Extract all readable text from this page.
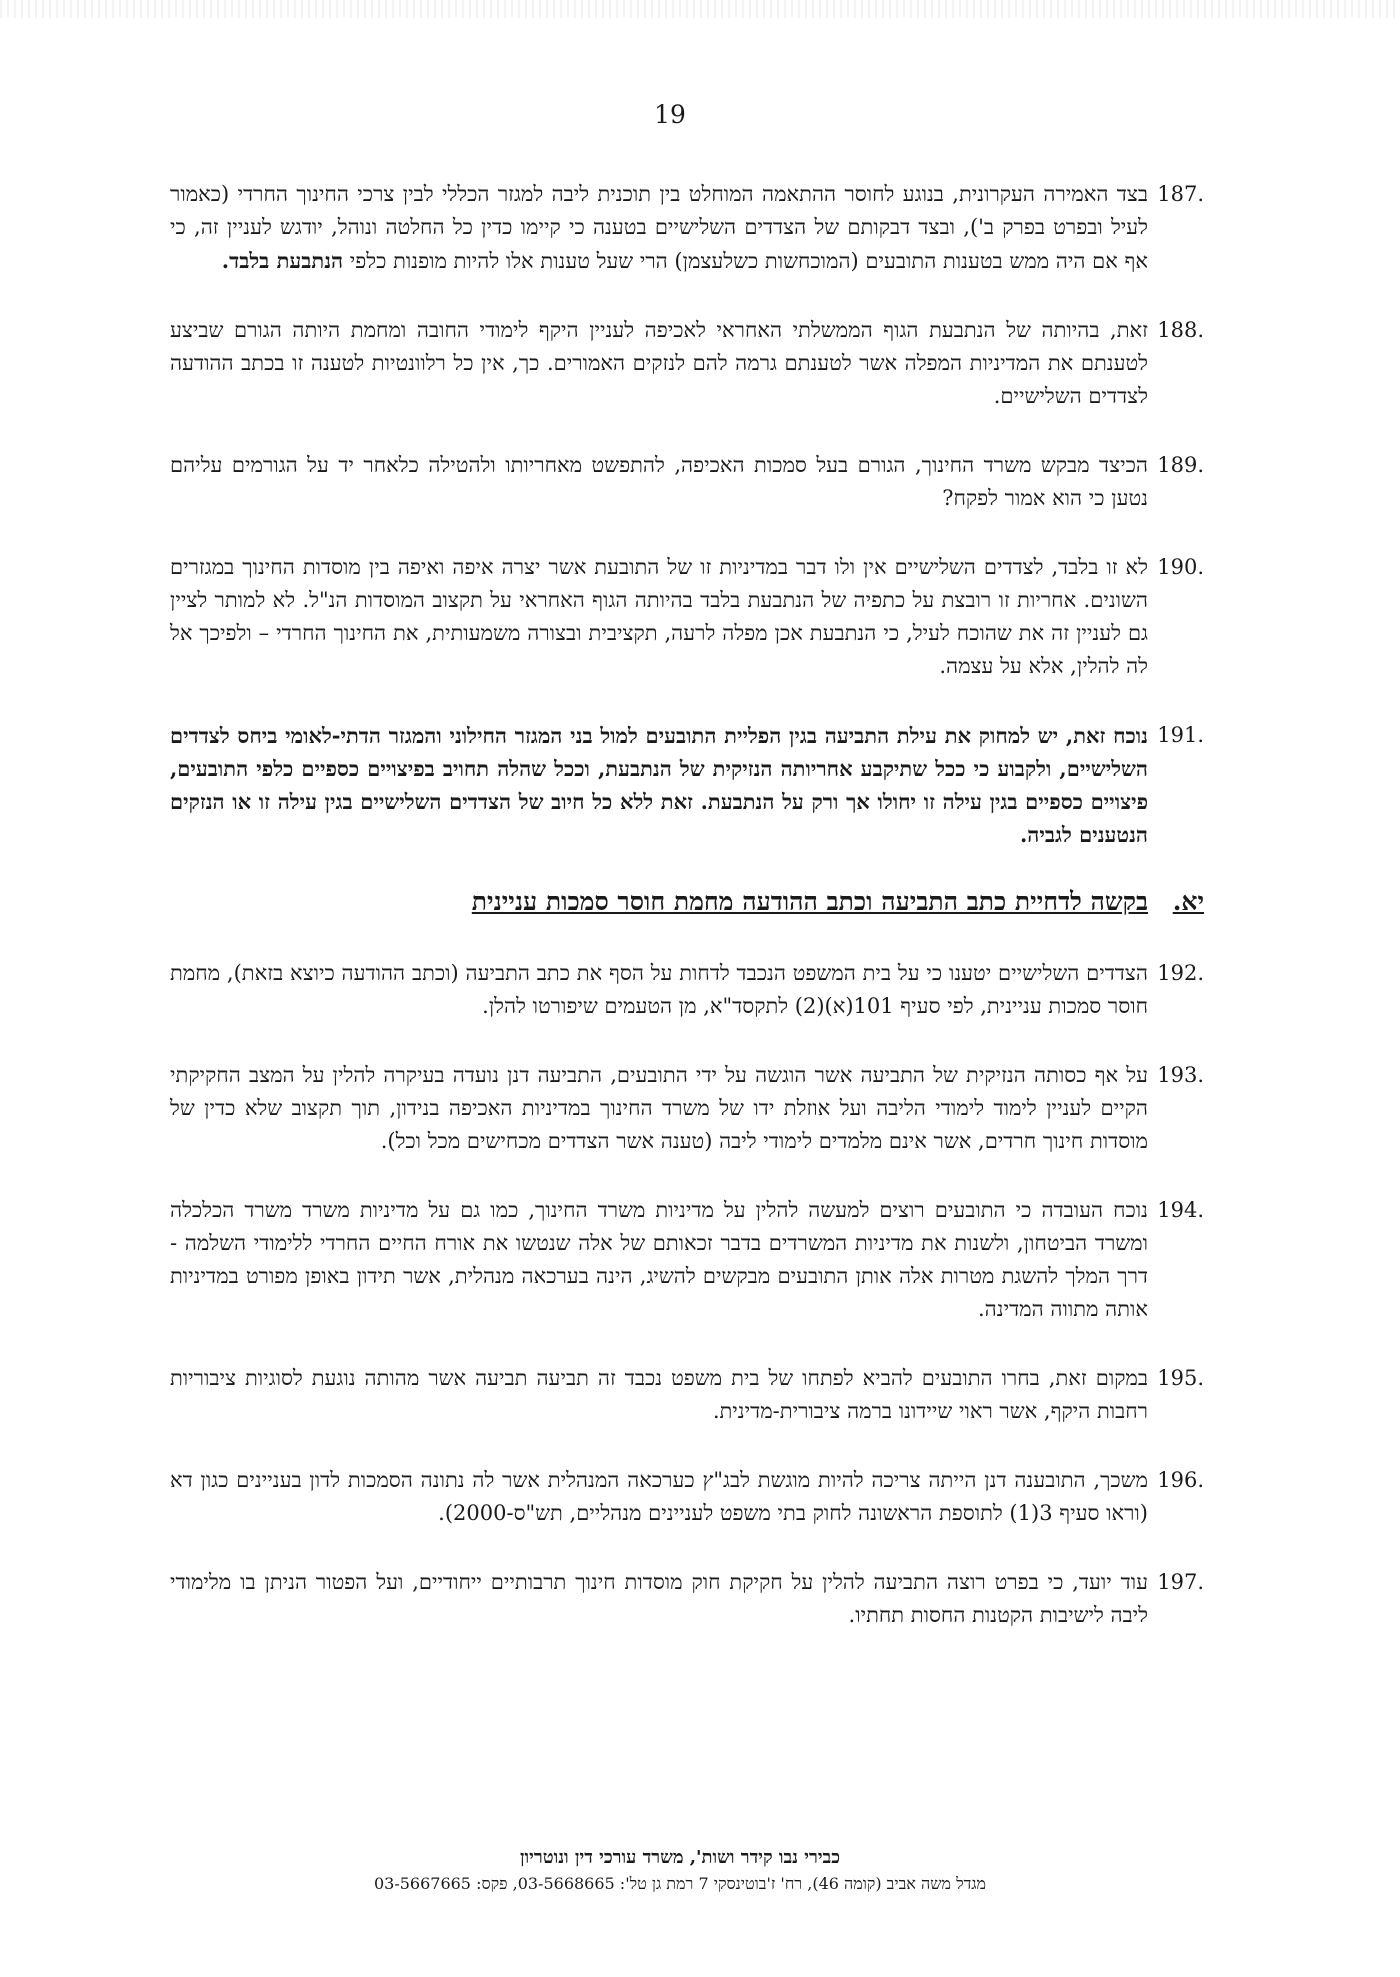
19
187.
בצד האמירה העקרונית, בנוגע לחוסר ההתאמה המוחלט בין תוכנית ליבה למגזר הכללי לבין צרכי החינוך החרדי (כאמור לעיל ובפרט בפרק ב'), ובצד דבקותם של הצדדים השלישיים בטענה כי קיימו כדין כל החלטה ונוהל, יודגש לעניין זה, כי אף אם היה ממש בטענות התובעים (המוכחשות כשלעצמן) הרי שעל טענות אלו להיות מופנות כלפי הנתבעת בלבד.
188.
זאת, בהיותה של הנתבעת הגוף הממשלתי האחראי לאכיפה לעניין היקף לימודי החובה ומחמת היותה הגורם שביצע לטענתם את המדיניות המפלה אשר לטענתם גרמה להם לנזקים האמורים. כך, אין כל רלוונטיות לטענה זו בכתב ההודעה לצדדים השלישיים.
189.
הכיצד מבקש משרד החינוך, הגורם בעל סמכות האכיפה, להתפשט מאחריותו ולהטילה כלאחר יד על הגורמים עליהם נטען כי הוא אמור לפקח?
190.
לא זו בלבד, לצדדים השלישיים אין ולו דבר במדיניות זו של התובעת אשר יצרה איפה ואיפה בין מוסדות החינוך במגזרים השונים. אחריות זו רובצת על כתפיה של הנתבעת בלבד בהיותה הגוף האחראי על תקצוב המוסדות הנ"ל. לא למותר לציין גם לעניין זה את שהוכח לעיל, כי הנתבעת אכן מפלה לרעה, תקציבית ובצורה משמעותית, את החינוך החרדי – ולפיכך אל לה להלין, אלא על עצמה.
191.
נוכח זאת, יש למחוק את עילת התביעה בגין הפליית התובעים למול בני המגזר החילוני והמגזר הדתי-לאומי ביחס לצדדים השלישיים, ולקבוע כי ככל שתיקבע אחריותה הנזיקית של הנתבעת, וככל שהלה תחויב בפיצויים כספיים כלפי התובעים, פיצויים כספיים בגין עילה זו יחולו אך ורק על הנתבעת. זאת ללא כל חיוב של הצדדים השלישיים בגין עילה זו או הנזקים הנטענים לגביה.
יא.
בקשה לדחיית כתב התביעה וכתב ההודעה מחמת חוסר סמכות עניינית
192.
הצדדים השלישיים יטענו כי על בית המשפט הנכבד לדחות על הסף את כתב התביעה (וכתב ההודעה כיוצא בזאת), מחמת חוסר סמכות עניינית, לפי סעיף 101(א)(2) לתקסד"א, מן הטעמים שיפורטו להלן.
193.
על אף כסותה הנזיקית של התביעה אשר הוגשה על ידי התובעים, התביעה דנן נועדה בעיקרה להלין על המצב החקיקתי הקיים לעניין לימוד לימודי הליבה ועל אוזלת ידו של משרד החינוך במדיניות האכיפה בנידון, תוך תקצוב שלא כדין של מוסדות חינוך חרדים, אשר אינם מלמדים לימודי ליבה (טענה אשר הצדדים מכחישים מכל וכל).
194.
נוכח העובדה כי התובעים רוצים למעשה להלין על מדיניות משרד החינוך, כמו גם על מדיניות משרד משרד הכלכלה ומשרד הביטחון, ולשנות את מדיניות המשרדים בדבר זכאותם של אלה שנטשו את אורח החיים החרדי ללימודי השלמה - דרך המלך להשגת מטרות אלה אותן התובעים מבקשים להשיג, הינה בערכאה מנהלית, אשר תידון באופן מפורט במדיניות אותה מתווה המדינה.
195.
במקום זאת, בחרו התובעים להביא לפתחו של בית משפט נכבד זה תביעה תביעה אשר מהותה נוגעת לסוגיות ציבוריות רחבות היקף, אשר ראוי שיידונו ברמה ציבורית-מדינית.
196.
משכך, התובענה דנן הייתה צריכה להיות מוגשת לבג"ץ כערכאה המנהלית אשר לה נתונה הסמכות לדון בעניינים כגון דא (וראו סעיף 3(1) לתוספת הראשונה לחוק בתי משפט לעניינים מנהליים, תש"ס-2000).
197.
עוד יועד, כי בפרט רוצה התביעה להלין על חקיקת חוק מוסדות חינוך תרבותיים ייחודיים, ועל הפטור הניתן בו מלימודי ליבה לישיבות הקטנות החסות תחתיו.
כבירי נבו קידר ושות', משרד עורכי דין ונוטריון
מגדל משה אביב (קומה 46), רח' ז'בוטינסקי 7 רמת גן טל': 03-5668665, פקס: 03-5667665
